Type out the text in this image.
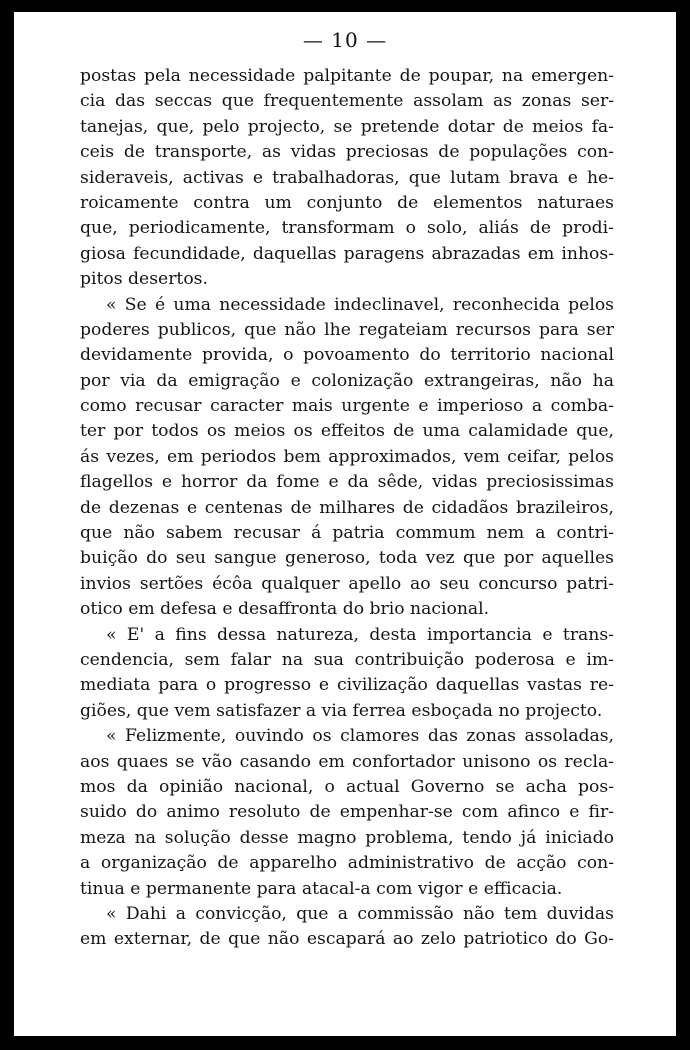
— 10 —
postas pela necessidade palpitante de poupar, na emergen-
cia das seccas que frequentemente assolam as zonas ser-
tanejas, que, pelo projecto, se pretende dotar de meios fa-
ceis de transporte, as vidas preciosas de populações con-
sideraveis, activas e trabalhadoras, que lutam brava e he-
roicamente contra um conjunto de elementos naturaes
que, periodicamente, transformam o solo, aliás de prodi-
giosa fecundidade, daquellas paragens abrazadas em inhos-
pitos desertos.
« Se é uma necessidade indeclinavel, reconhecida pelos
poderes publicos, que não lhe regateiam recursos para ser
devidamente provida, o povoamento do territorio nacional
por via da emigração e colonização extrangeiras, não ha
como recusar caracter mais urgente e imperioso a comba-
ter por todos os meios os effeitos de uma calamidade que,
ás vezes, em periodos bem approximados, vem ceifar, pelos
flagellos e horror da fome e da sêde, vidas preciosissimas
de dezenas e centenas de milhares de cidadãos brazileiros,
que não sabem recusar á patria commum nem a contri-
buição do seu sangue generoso, toda vez que por aquelles
invios sertões écôa qualquer apello ao seu concurso patri-
otico em defesa e desaffronta do brio nacional.
« E' a fins dessa natureza, desta importancia e trans-
cendencia, sem falar na sua contribuição poderosa e im-
mediata para o progresso e civilização daquellas vastas re-
giões, que vem satisfazer a via ferrea esboçada no projecto.
« Felizmente, ouvindo os clamores das zonas assoladas,
aos quaes se vão casando em confortador unisono os recla-
mos da opinião nacional, o actual Governo se acha pos-
suido do animo resoluto de empenhar-se com afinco e fir-
meza na solução desse magno problema, tendo já iniciado
a organização de apparelho administrativo de acção con-
tinua e permanente para atacal-a com vigor e efficacia.
« Dahi a convicção, que a commissão não tem duvidas
em externar, de que não escapará ao zelo patriotico do Go-
